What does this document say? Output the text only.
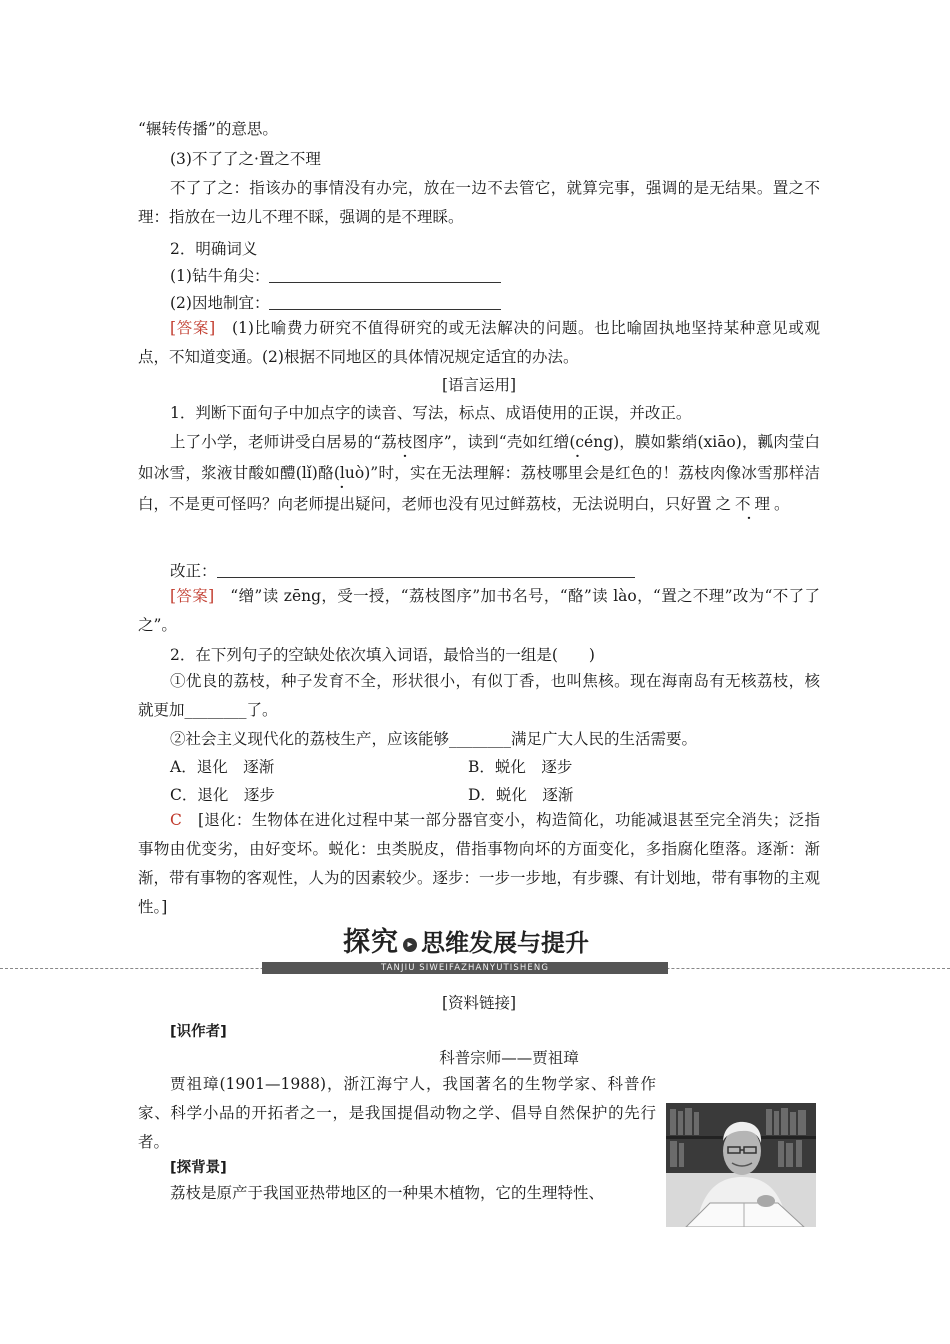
“辗转传播”的意思。
(3)不了了之·置之不理
不了了之：指该办的事情没有办完，放在一边不去管它，就算完事，强调的是无结果。置之不理：指放在一边儿不理不睬，强调的是不理睬。
2．明确词义
(1)钻牛角尖：
(2)因地制宜：
[答案]　(1)比喻费力研究不值得研究的或无法解决的问题。也比喻固执地坚持某种意见或观点，不知道变通。(2)根据不同地区的具体情况规定适宜的办法。
[语言运用]
1．判断下面句子中加点字的读音、写法，标点、成语使用的正误，并改正。
上了小学，老师讲受白居易的“荔枝图序”，读到“壳如红缯(céng)，膜如紫绡(xiāo)，瓤肉莹白如冰雪，浆液甘酸如醴(lǐ)酪(luò)”时，实在无法理解：荔枝哪里会是红色的！荔枝肉像冰雪那样洁白，不是更可怪吗？向老师提出疑问，老师也没有见过鲜荔枝，无法说明白，只好置之不理。
改正：
[答案]　“缯”读 zēng，受一授，“荔枝图序”加书名号，“酪”读 lào，“置之不理”改为“不了了之”。
2．在下列句子的空缺处依次填入词语，最恰当的一组是(　　)
①优良的荔枝，种子发育不全，形状很小，有似丁香，也叫焦核。现在海南岛有无核荔枝，核就更加________了。
②社会主义现代化的荔枝生产，应该能够________满足广大人民的生活需要。
A．退化　逐渐	B．蜕化　逐步
C．退化　逐步	D．蜕化　逐渐
C　[退化：生物体在进化过程中某一部分器官变小，构造简化，功能减退甚至完全消失；泛指事物由优变劣，由好变坏。蜕化：虫类脱皮，借指事物向坏的方面变化，多指腐化堕落。逐渐：渐渐，带有事物的客观性，人为的因素较少。逐步：一步一步地，有步骤、有计划地，带有事物的主观性。]
探究 ▸ 思维发展与提升
TANJIU SIWEIFAZHANYUTISHENG
[资料链接]
[识作者]
科普宗师——贾祖璋
贾祖璋(1901—1988)，浙江海宁人，我国著名的生物学家、科普作家、科学小品的开拓者之一，是我国提倡动物之学、倡导自然保护的先行者。
[探背景]
荔枝是原产于我国亚热带地区的一种果木植物，它的生理特性、
